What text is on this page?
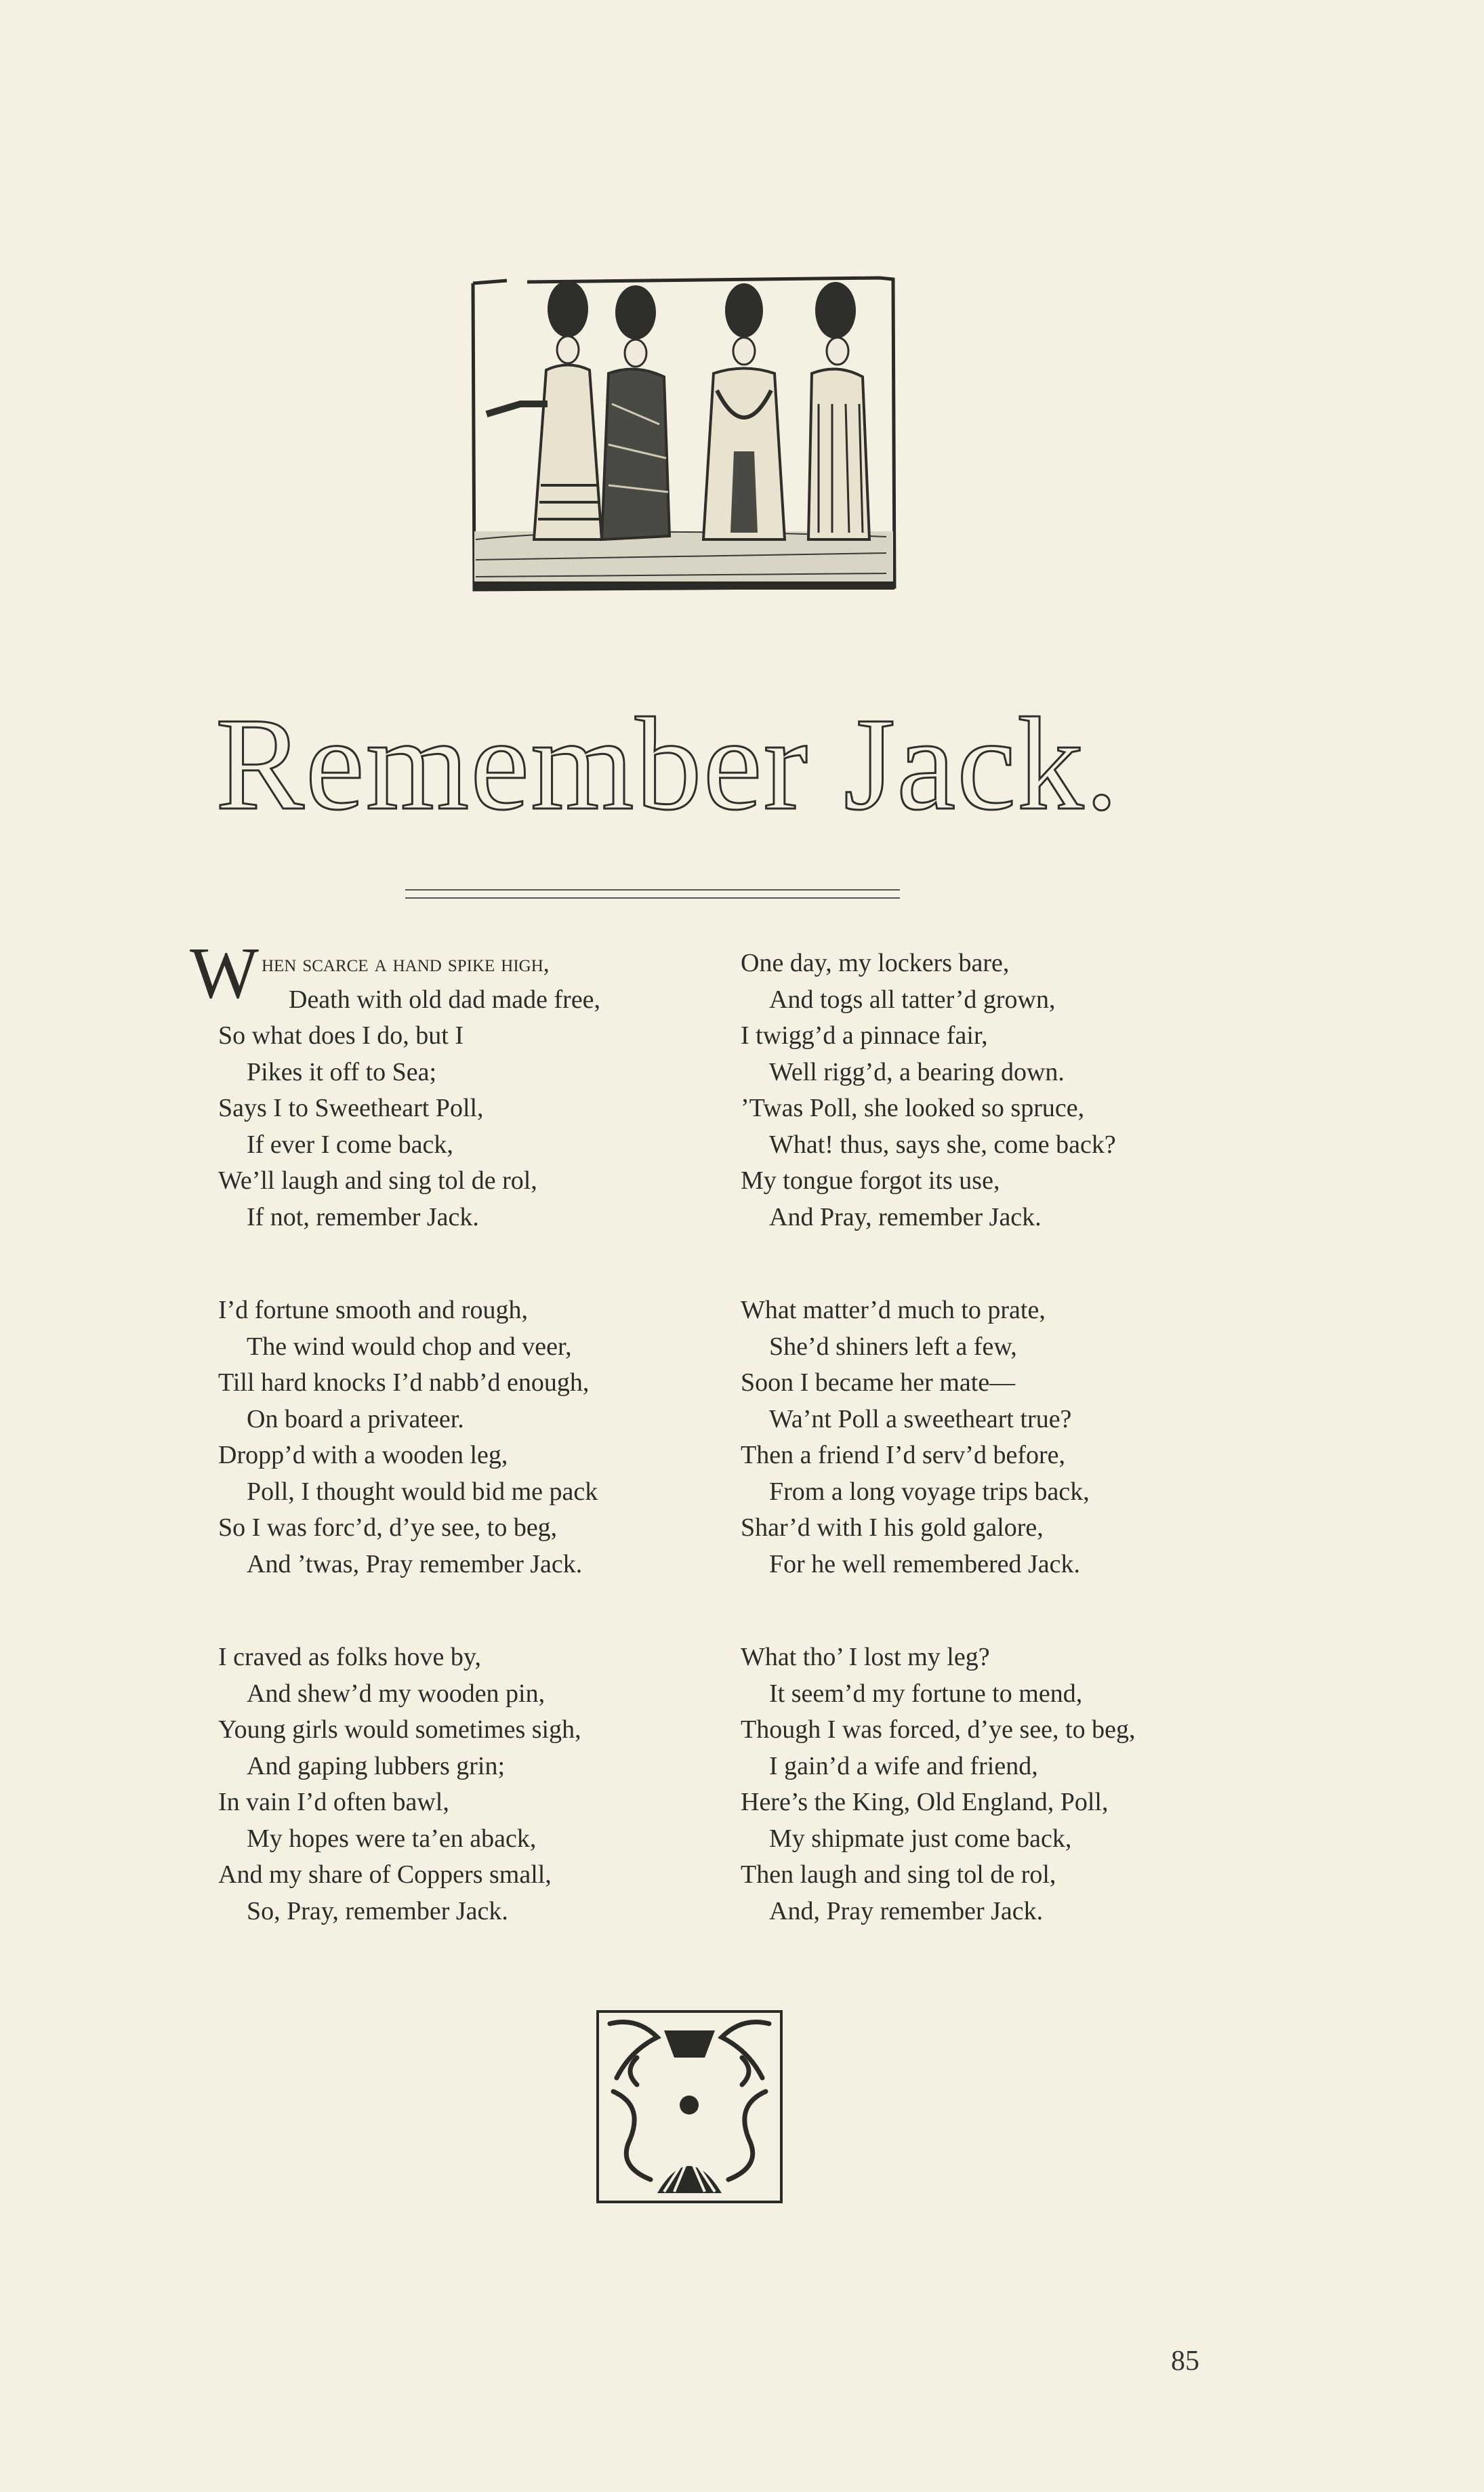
Remember Jack.
When scarce a hand spike high,
Death with old dad made free,
So what does I do, but I
Pikes it off to Sea;
Says I to Sweetheart Poll,
If ever I come back,
We’ll laugh and sing tol de rol,
If not, remember Jack.
I’d fortune smooth and rough,
The wind would chop and veer,
Till hard knocks I’d nabb’d enough,
On board a privateer.
Dropp’d with a wooden leg,
Poll, I thought would bid me pack
So I was forc’d, d’ye see, to beg,
And ’twas, Pray remember Jack.
I craved as folks hove by,
And shew’d my wooden pin,
Young girls would sometimes sigh,
And gaping lubbers grin;
In vain I’d often bawl,
My hopes were ta’en aback,
And my share of Coppers small,
So, Pray, remember Jack.
One day, my lockers bare,
And togs all tatter’d grown,
I twigg’d a pinnace fair,
Well rigg’d, a bearing down.
’Twas Poll, she looked so spruce,
What! thus, says she, come back?
My tongue forgot its use,
And Pray, remember Jack.
What matter’d much to prate,
She’d shiners left a few,
Soon I became her mate—
Wa’nt Poll a sweetheart true?
Then a friend I’d serv’d before,
From a long voyage trips back,
Shar’d with I his gold galore,
For he well remembered Jack.
What tho’ I lost my leg?
It seem’d my fortune to mend,
Though I was forced, d’ye see, to beg,
I gain’d a wife and friend,
Here’s the King, Old England, Poll,
My shipmate just come back,
Then laugh and sing tol de rol,
And, Pray remember Jack.
85
